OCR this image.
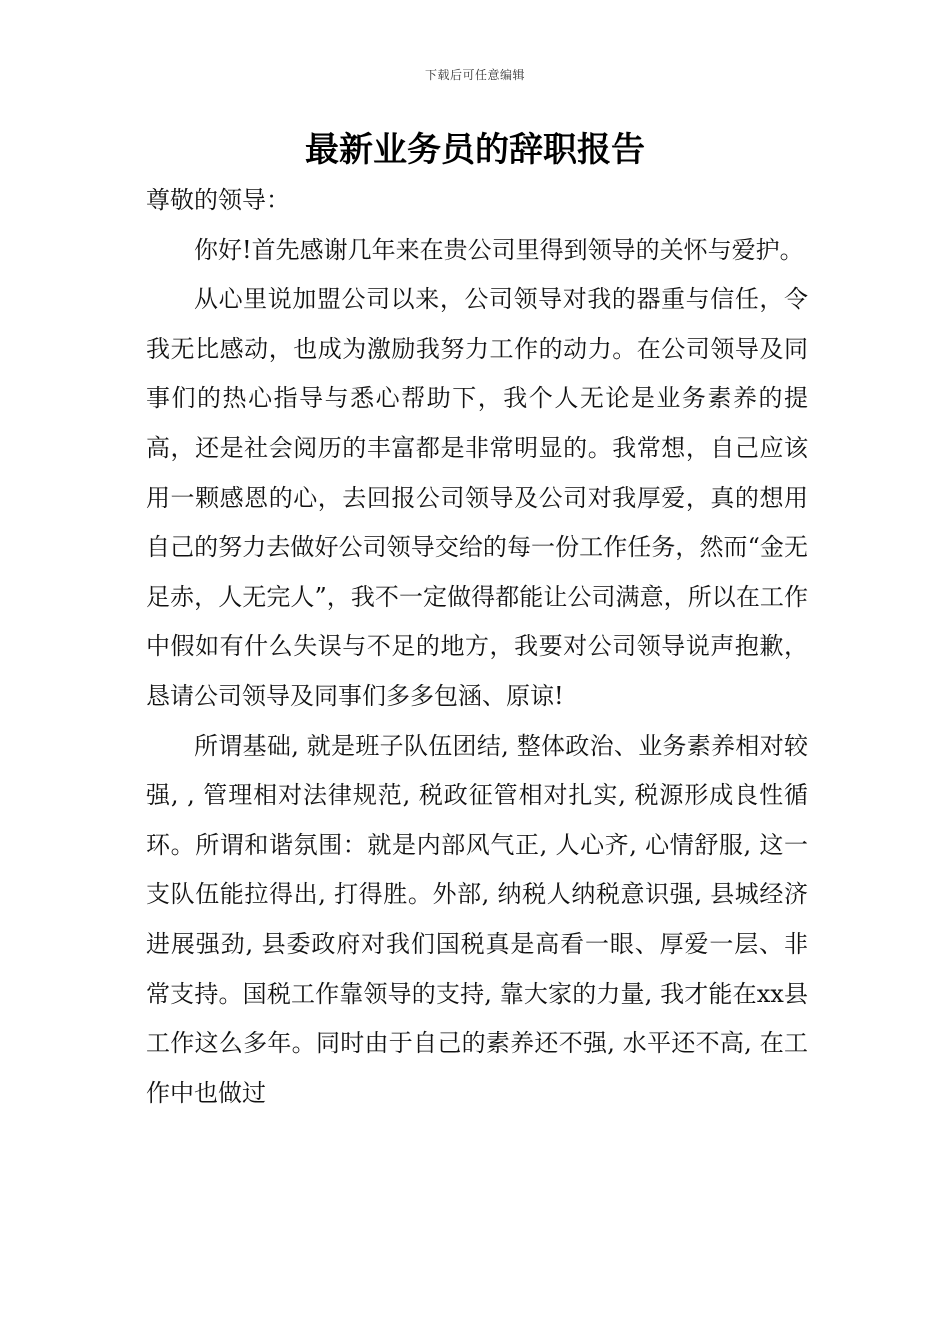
下载后可任意编辑
最新业务员的辞职报告

尊敬的领导：

你好!首先感谢几年来在贵公司里得到领导的关怀与爱护。

从心里说加盟公司以来，公司领导对我的器重与信任，令我无比感动，也成为激励我努力工作的动力。在公司领导及同事们的热心指导与悉心帮助下，我个人无论是业务素养的提高，还是社会阅历的丰富都是非常明显的。我常想，自己应该用一颗感恩的心，去回报公司领导及公司对我厚爱，真的想用自己的努力去做好公司领导交给的每一份工作任务，然而“金无足赤，人无完人”，我不一定做得都能让公司满意，所以在工作中假如有什么失误与不足的地方，我要对公司领导说声抱歉，恳请公司领导及同事们多多包涵、原谅!

所谓基础, 就是班子队伍团结, 整体政治、业务素养相对较强, , 管理相对法律规范, 税政征管相对扎实, 税源形成良性循环。所谓和谐氛围：就是内部风气正, 人心齐, 心情舒服, 这一支队伍能拉得出, 打得胜。外部, 纳税人纳税意识强, 县城经济进展强劲, 县委政府对我们国税真是高看一眼、厚爱一层、非常支持。国税工作靠领导的支持, 靠大家的力量, 我才能在xx县工作这么多年。同时由于自己的素养还不强, 水平还不高, 在工作中也做过
